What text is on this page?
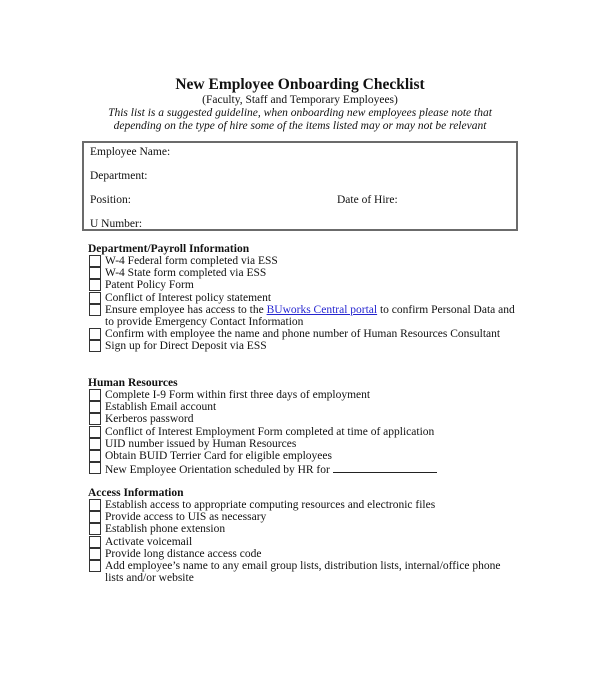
New Employee Onboarding Checklist

(Faculty, Staff and Temporary Employees)

This list is a suggested guideline, when onboarding new employees please note that

depending on the type of hire some of the items listed may or may not be relevant

Employee Name:
Department:
Position:	Date of Hire:
U Number:

Department/Payroll Information

W-4 Federal form completed via ESS
W-4 State form completed via ESS
Patent Policy Form
Conflict of Interest policy statement
Ensure employee has access to the BUworks Central portal to confirm Personal Data and to provide Emergency Contact Information
Confirm with employee the name and phone number of Human Resources Consultant
Sign up for Direct Deposit via ESS

Human Resources

Complete I-9 Form within first three days of employment
Establish Email account
Kerberos password
Conflict of Interest Employment Form completed at time of application
UID number issued by Human Resources
Obtain BUID Terrier Card for eligible employees
New Employee Orientation scheduled by HR for

Access Information

Establish access to appropriate computing resources and electronic files
Provide access to UIS as necessary
Establish phone extension
Activate voicemail
Provide long distance access code
Add employee’s name to any email group lists, distribution lists, internal/office phone lists and/or website
